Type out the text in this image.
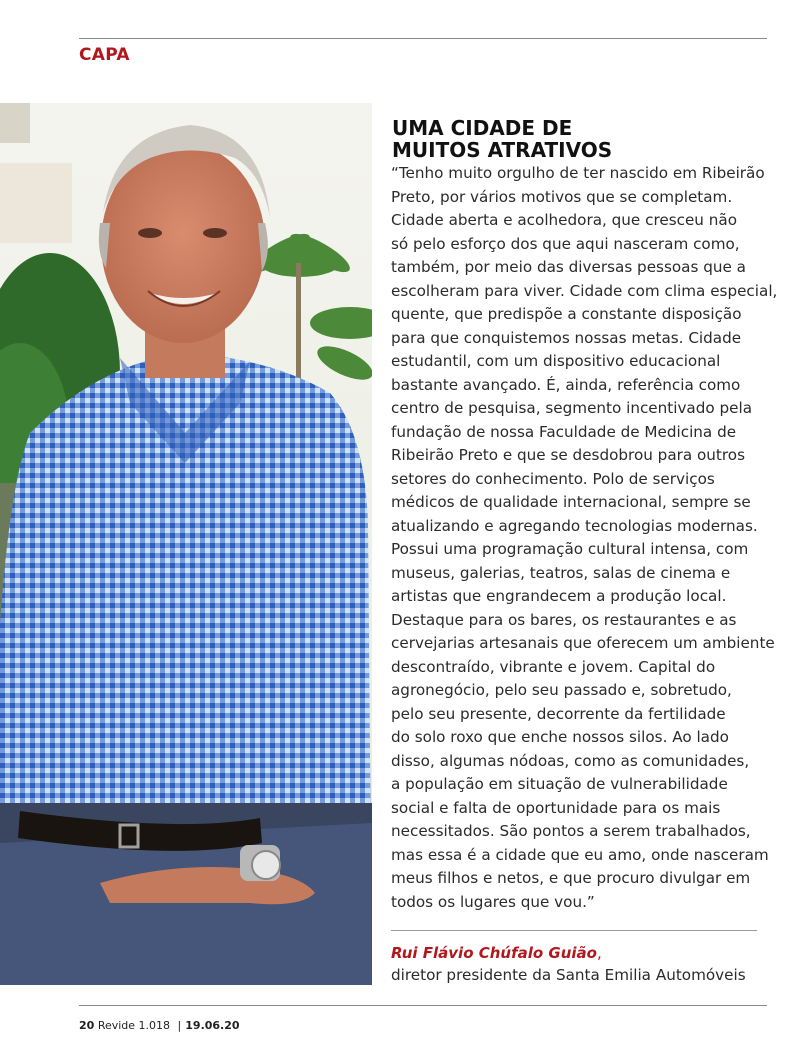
CAPA
UMA CIDADE DE
MUITOS ATRATIVOS
“Tenho muito orgulho de ter nascido em Ribeirão
Preto, por vários motivos que se completam.
Cidade aberta e acolhedora, que cresceu não
só pelo esforço dos que aqui nasceram como,
também, por meio das diversas pessoas que a
escolheram para viver. Cidade com clima especial,
quente, que predispõe a constante disposição
para que conquistemos nossas metas. Cidade
estudantil, com um dispositivo educacional
bastante avançado. É, ainda, referência como
centro de pesquisa, segmento incentivado pela
fundação de nossa Faculdade de Medicina de
Ribeirão Preto e que se desdobrou para outros
setores do conhecimento. Polo de serviços
médicos de qualidade internacional, sempre se
atualizando e agregando tecnologias modernas.
Possui uma programação cultural intensa, com
museus, galerias, teatros, salas de cinema e
artistas que engrandecem a produção local.
Destaque para os bares, os restaurantes e as
cervejarias artesanais que oferecem um ambiente
descontraído, vibrante e jovem. Capital do
agronegócio, pelo seu passado e, sobretudo,
pelo seu presente, decorrente da fertilidade
do solo roxo que enche nossos silos. Ao lado
disso, algumas nódoas, como as comunidades,
a população em situação de vulnerabilidade
social e falta de oportunidade para os mais
necessitados. São pontos a serem trabalhados,
mas essa é a cidade que eu amo, onde nasceram
meus filhos e netos, e que procuro divulgar em
todos os lugares que vou.”
Rui Flávio Chúfalo Guião,
diretor presidente da Santa Emilia Automóveis
20 Revide 1.018 | 19.06.20
